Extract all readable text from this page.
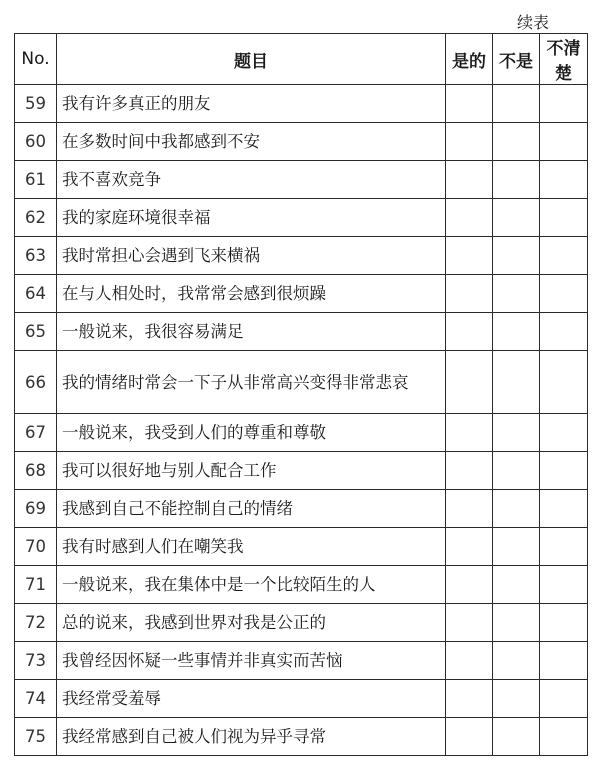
续表
No.	题目	是的	不是	不清楚
59	我有许多真正的朋友			
60	在多数时间中我都感到不安			
61	我不喜欢竞争			
62	我的家庭环境很幸福			
63	我时常担心会遇到飞来横祸			
64	在与人相处时，我常常会感到很烦躁			
65	一般说来，我很容易满足			
66	我的情绪时常会一下子从非常高兴变得非常悲哀			
67	一般说来，我受到人们的尊重和尊敬			
68	我可以很好地与别人配合工作			
69	我感到自己不能控制自己的情绪			
70	我有时感到人们在嘲笑我			
71	一般说来，我在集体中是一个比较陌生的人			
72	总的说来，我感到世界对我是公正的			
73	我曾经因怀疑一些事情并非真实而苦恼			
74	我经常受羞辱			
75	我经常感到自己被人们视为异乎寻常			
